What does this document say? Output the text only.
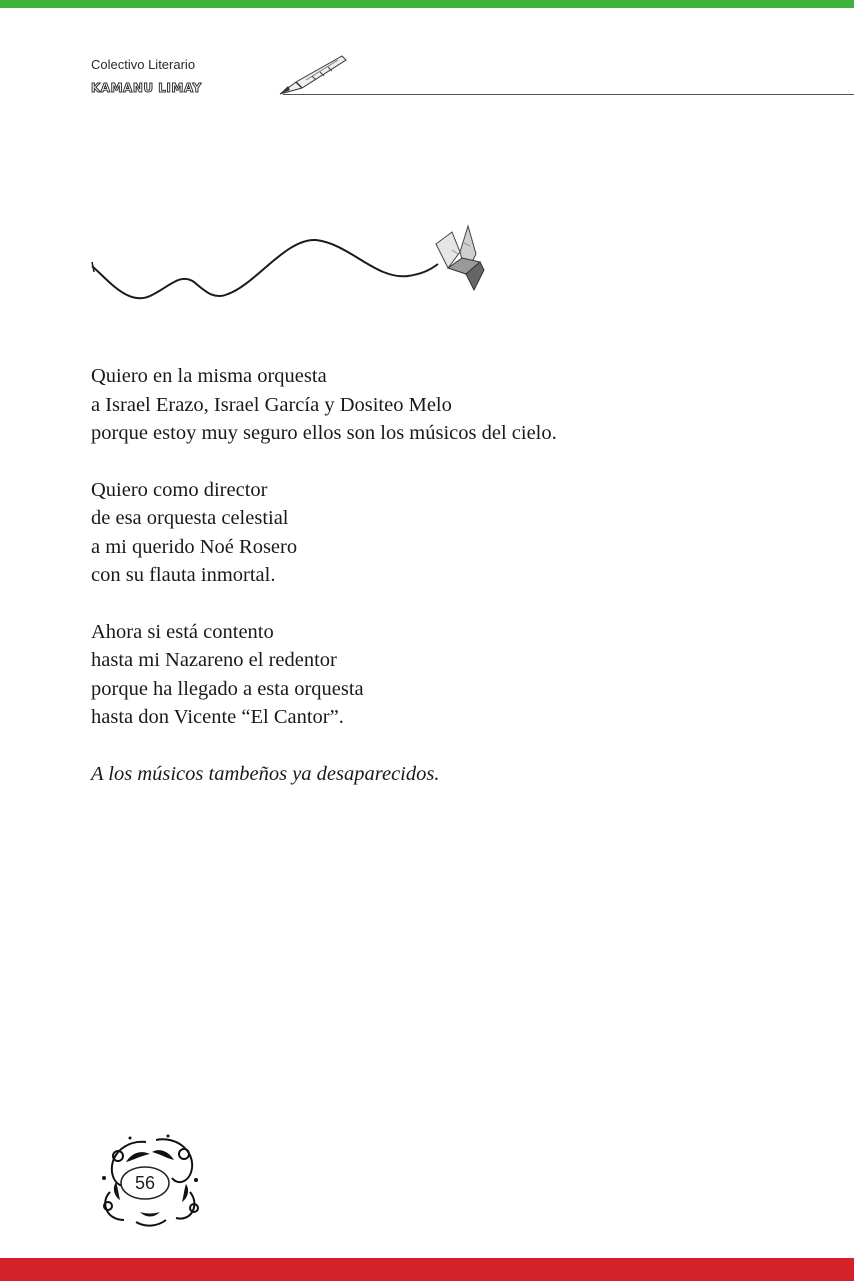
Colectivo Literario
KAMANU LIMAY
Quiero en la misma orquesta
a Israel Erazo, Israel García y Dositeo Melo
porque estoy muy seguro ellos son los músicos del cielo.
Quiero como director
de esa orquesta celestial
a mi querido Noé Rosero
con su flauta inmortal.
Ahora si está contento
hasta mi Nazareno el redentor
porque ha llegado a esta orquesta
hasta don Vicente “El Cantor”.
A los músicos tambeños ya desaparecidos.
56
